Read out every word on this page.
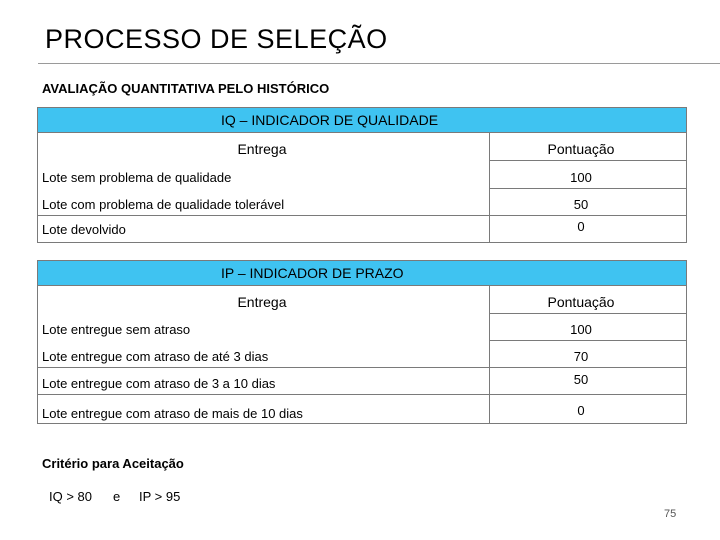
PROCESSO DE SELEÇÃO
AVALIAÇÃO QUANTITATIVA PELO HISTÓRICO
IQ – INDICADOR DE QUALIDADE
Entrega	Pontuação
Lote sem problema de qualidade	100
Lote com problema de qualidade tolerável	50
Lote devolvido	0
IP – INDICADOR DE PRAZO
Entrega	Pontuação
Lote entregue sem atraso	100
Lote entregue com atraso de até 3 dias	70
Lote entregue com atraso de 3 a 10 dias	50
Lote entregue com atraso de mais de 10 dias	0
Critério para Aceitação
IQ > 80 e IP > 95
75
